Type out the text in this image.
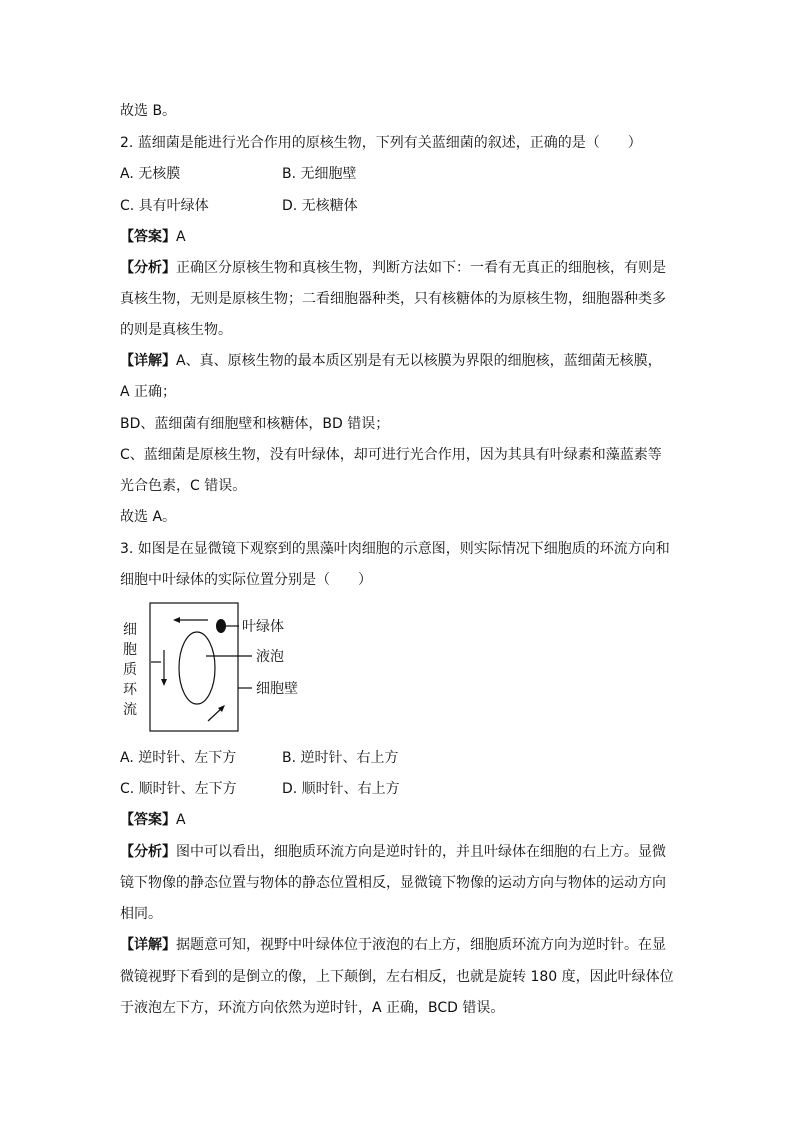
故选 B。
2. 蓝细菌是能进行光合作用的原核生物，下列有关蓝细菌的叙述，正确的是（　　）
A. 无核膜	B. 无细胞壁
C. 具有叶绿体	D. 无核糖体
【答案】A
【分析】正确区分原核生物和真核生物，判断方法如下：一看有无真正的细胞核，有则是
真核生物，无则是原核生物；二看细胞器种类，只有核糖体的为原核生物，细胞器种类多
的则是真核生物。
【详解】A、真、原核生物的最本质区别是有无以核膜为界限的细胞核，蓝细菌无核膜，
A 正确；
BD、蓝细菌有细胞壁和核糖体，BD 错误；
C、蓝细菌是原核生物，没有叶绿体，却可进行光合作用，因为其具有叶绿素和藻蓝素等
光合色素，C 错误。
故选 A。
3. 如图是在显微镜下观察到的黑藻叶肉细胞的示意图，则实际情况下细胞质的环流方向和
细胞中叶绿体的实际位置分别是（　　）
细
胞
质
环
流
叶绿体
液泡
细胞壁
A. 逆时针、左下方	B. 逆时针、右上方
C. 顺时针、左下方	D. 顺时针、右上方
【答案】A
【分析】图中可以看出，细胞质环流方向是逆时针的，并且叶绿体在细胞的右上方。显微
镜下物像的静态位置与物体的静态位置相反，显微镜下物像的运动方向与物体的运动方向
相同。
【详解】据题意可知，视野中叶绿体位于液泡的右上方，细胞质环流方向为逆时针。在显
微镜视野下看到的是倒立的像，上下颠倒，左右相反，也就是旋转 180 度，因此叶绿体位
于液泡左下方，环流方向依然为逆时针，A 正确，BCD 错误。
